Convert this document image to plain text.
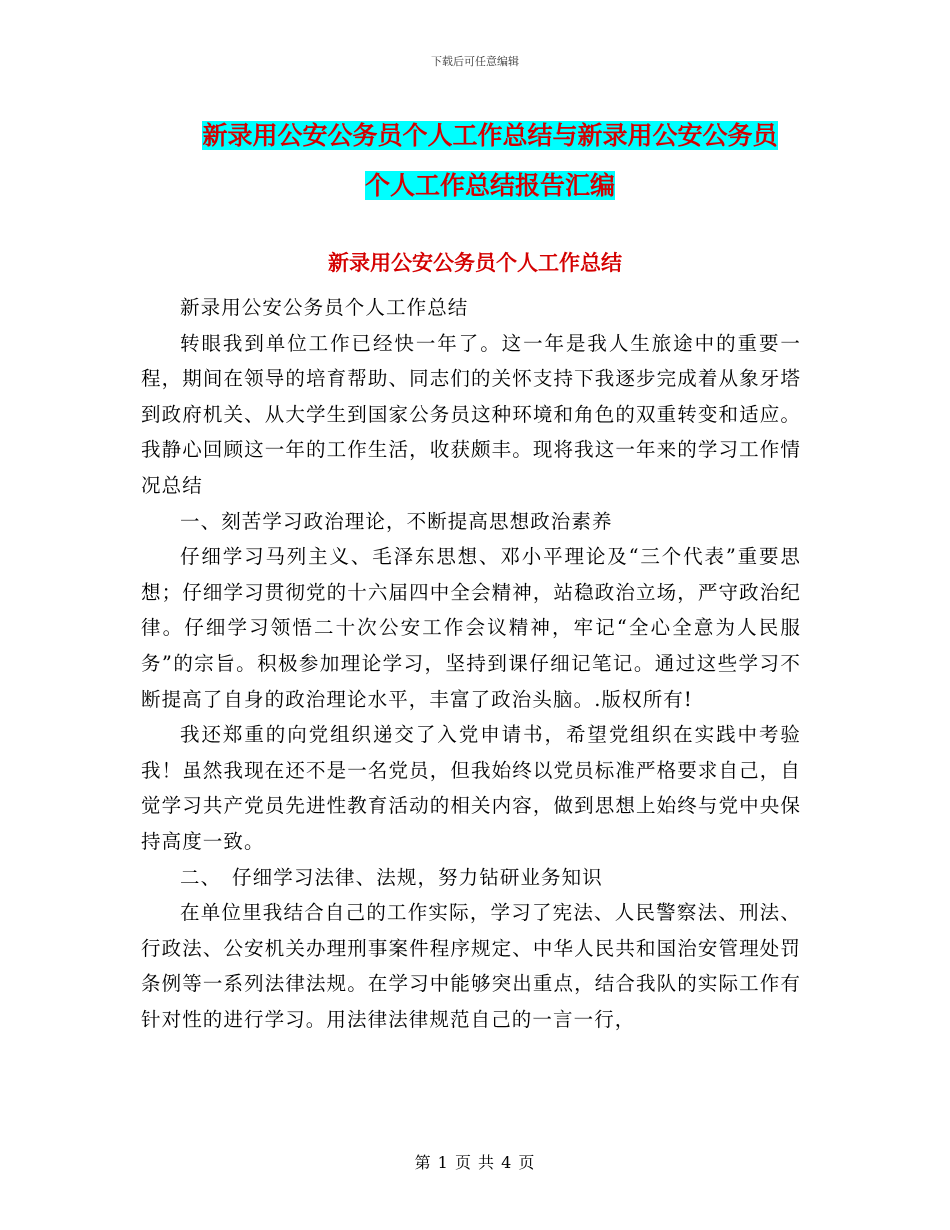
下载后可任意编辑
新录用公安公务员个人工作总结与新录用公安公务员
个人工作总结报告汇编
新录用公安公务员个人工作总结

新录用公安公务员个人工作总结

转眼我到单位工作已经快一年了。这一年是我人生旅途中的重要一程，期间在领导的培育帮助、同志们的关怀支持下我逐步完成着从象牙塔到政府机关、从大学生到国家公务员这种环境和角色的双重转变和适应。我静心回顾这一年的工作生活，收获颇丰。现将我这一年来的学习工作情况总结

一、刻苦学习政治理论，不断提高思想政治素养

仔细学习马列主义、毛泽东思想、邓小平理论及“三个代表”重要思想；仔细学习贯彻党的十六届四中全会精神，站稳政治立场，严守政治纪律。仔细学习领悟二十次公安工作会议精神，牢记“全心全意为人民服务”的宗旨。积极参加理论学习，坚持到课仔细记笔记。通过这些学习不断提高了自身的政治理论水平，丰富了政治头脑。.版权所有!

我还郑重的向党组织递交了入党申请书，希望党组织在实践中考验我！虽然我现在还不是一名党员，但我始终以党员标准严格要求自己，自觉学习共产党员先进性教育活动的相关内容，做到思想上始终与党中央保持高度一致。

二、　仔细学习法律、法规，努力钻研业务知识

在单位里我结合自己的工作实际，学习了宪法、人民警察法、刑法、行政法、公安机关办理刑事案件程序规定、中华人民共和国治安管理处罚条例等一系列法律法规。在学习中能够突出重点，结合我队的实际工作有针对性的进行学习。用法律法律规范自己的一言一行，

第 1 页 共 4 页
